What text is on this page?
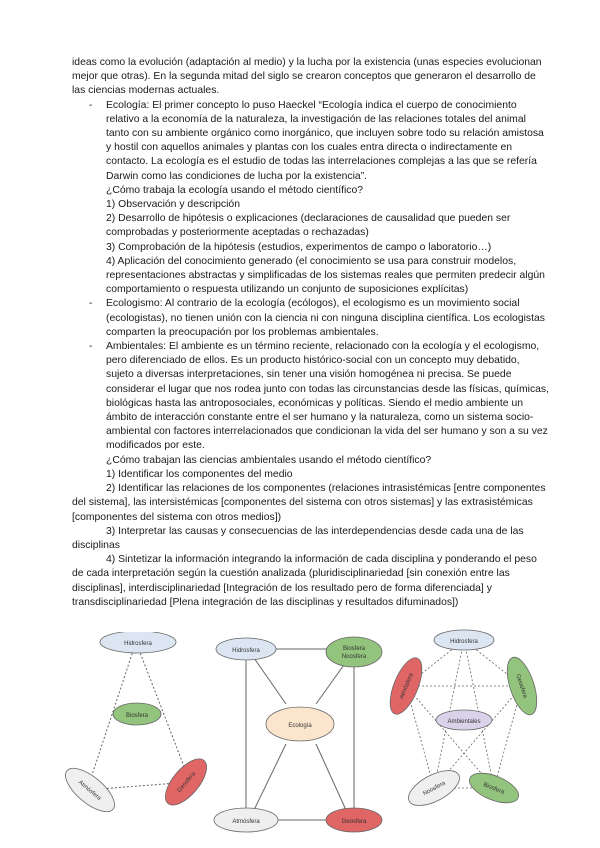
ideas como la evolución (adaptación al medio) y la lucha por la existencia (unas especies evolucionan mejor que otras). En la segunda mitad del siglo se crearon conceptos que generaron el desarrollo de las ciencias modernas actuales.

- Ecología: El primer concepto lo puso Haeckel “Ecología indica el cuerpo de conocimiento relativo a la economía de la naturaleza, la investigación de las relaciones totales del animal tanto con su ambiente orgánico como inorgánico, que incluyen sobre todo su relación amistosa y hostil con aquellos animales y plantas con los cuales entra directa o indirectamente en contacto. La ecología es el estudio de todas las interrelaciones complejas a las que se refería Darwin como las condiciones de lucha por la existencia”.

¿Cómo trabaja la ecología usando el método científico?

1) Observación y descripción

2) Desarrollo de hipótesis o explicaciones (declaraciones de causalidad que pueden ser comprobadas y posteriormente aceptadas o rechazadas)

3) Comprobación de la hipótesis (estudios, experimentos de campo o laboratorio…)

4) Aplicación del conocimiento generado (el conocimiento se usa para construir modelos, representaciones abstractas y simplificadas de los sistemas reales que permiten predecir algún comportamiento o respuesta utilizando un conjunto de suposiciones explícitas)

- Ecologismo: Al contrario de la ecología (ecólogos), el ecologismo es un movimiento social (ecologistas), no tienen unión con la ciencia ni con ninguna disciplina científica. Los ecologistas comparten la preocupación por los problemas ambientales.

- Ambientales: El ambiente es un término reciente, relacionado con la ecología y el ecologismo, pero diferenciado de ellos. Es un producto histórico-social con un concepto muy debatido, sujeto a diversas interpretaciones, sin tener una visión homogénea ni precisa. Se puede considerar el lugar que nos rodea junto con todas las circunstancias desde las físicas, químicas, biológicas hasta las antroposociales, económicas y políticas. Siendo el medio ambiente un ámbito de interacción constante entre el ser humano y la naturaleza, como un sistema socio-ambiental con factores interrelacionados que condicionan la vida del ser humano y son a su vez modificados por este.

¿Cómo trabajan las ciencias ambientales usando el método científico?

1) Identificar los componentes del medio

2) Identificar las relaciones de los componentes (relaciones intrasistémicas [entre componentes del sistema], las intersistémicas [componentes del sistema con otros sistemas] y las extrasistémicas [componentes del sistema con otros medios])

3) Interpretar las causas y consecuencias de las interdependencias desde cada una de las disciplinas

4) Sintetizar la información integrando la información de cada disciplina y ponderando el peso de cada interpretación según la cuestión analizada (pluridisciplinariedad [sin conexión entre las disciplinas], interdisciplinariedad [Integración de los resultado pero de forma diferenciada] y transdisciplinariedad [Plena integración de las disciplinas y resultados difuminados])

Hidrosfera
Biosfera
Atmósfera	Geosfera
Hidrosfera	Biosfera
Noosfera
Ecología
Atmósfera	Geosfera
Hidrosfera
Ambientales
Atmósfera	Geosfera
Noosfera	Biosfera
